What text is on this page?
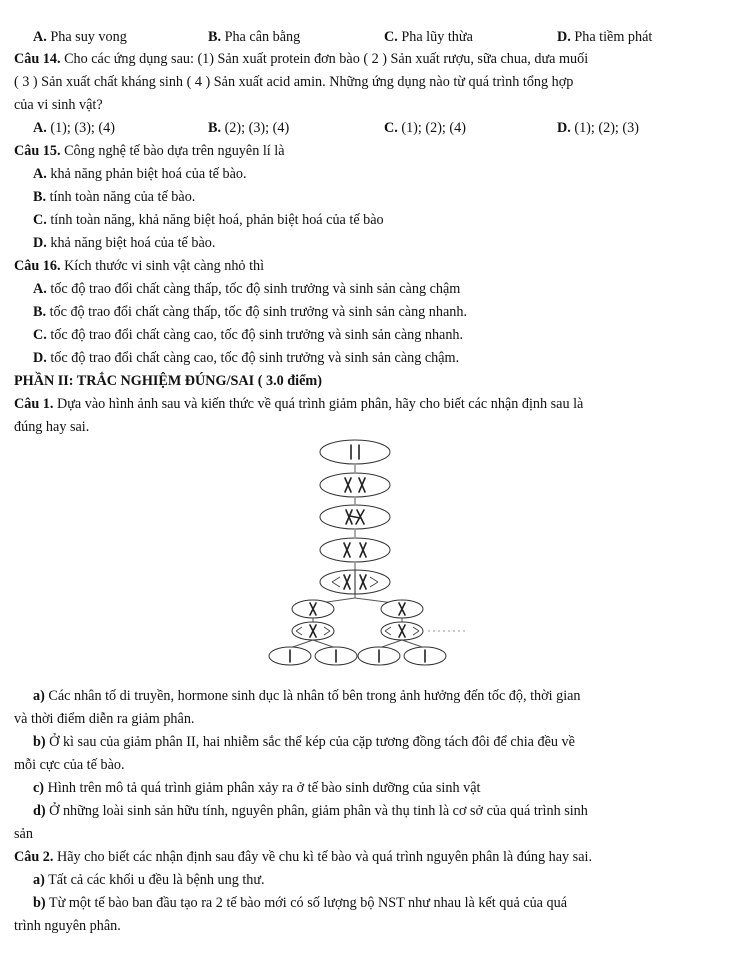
A. Pha suy vong	B. Pha cân bằng	C. Pha lũy thừa	D. Pha tiềm phát
Câu 14. Cho các ứng dụng sau: (1) Sản xuất protein đơn bào ( 2 ) Sản xuất rượu, sữa chua, dưa muối
( 3 ) Sản xuất chất kháng sinh ( 4 ) Sản xuất acid amin. Những ứng dụng nào từ quá trình tổng hợp
của vi sinh vật?
A. (1); (3); (4)	B. (2); (3); (4)	C. (1); (2); (4)	D. (1); (2); (3)
Câu 15. Công nghệ tế bào dựa trên nguyên lí là
A. khả năng phản biệt hoá của tế bào.
B. tính toàn năng của tế bào.
C. tính toàn năng, khả năng biệt hoá, phản biệt hoá của tế bào
D. khả năng biệt hoá của tế bào.
Câu 16. Kích thước vi sinh vật càng nhỏ thì
A. tốc độ trao đổi chất càng thấp, tốc độ sinh trưởng và sinh sản càng chậm
B. tốc độ trao đổi chất càng thấp, tốc độ sinh trưởng và sinh sản càng nhanh.
C. tốc độ trao đổi chất càng cao, tốc độ sinh trưởng và sinh sản càng nhanh.
D. tốc độ trao đổi chất càng cao, tốc độ sinh trưởng và sinh sản càng chậm.
PHẦN II: TRẮC NGHIỆM ĐÚNG/SAI ( 3.0 điểm)
Câu 1. Dựa vào hình ảnh sau và kiến thức về quá trình giảm phân, hãy cho biết các nhận định sau là
đúng hay sai.
a) Các nhân tố di truyền, hormone sinh dục là nhân tố bên trong ảnh hưởng đến tốc độ, thời gian
và thời điểm diễn ra giảm phân.
b) Ở kì sau của giảm phân II, hai nhiễm sắc thể kép của cặp tương đồng tách đôi để chia đều về
mỗi cực của tế bào.
c) Hình trên mô tả quá trình giảm phân xảy ra ở tế bào sinh dưỡng của sinh vật
d) Ở những loài sinh sản hữu tính, nguyên phân, giảm phân và thụ tinh là cơ sở của quá trình sinh
sản
Câu 2. Hãy cho biết các nhận định sau đây về chu kì tế bào và quá trình nguyên phân là đúng hay sai.
a) Tất cả các khối u đều là bệnh ung thư.
b) Từ một tế bào ban đầu tạo ra 2 tế bào mới có số lượng bộ NST như nhau là kết quả của quá
trình nguyên phân.
